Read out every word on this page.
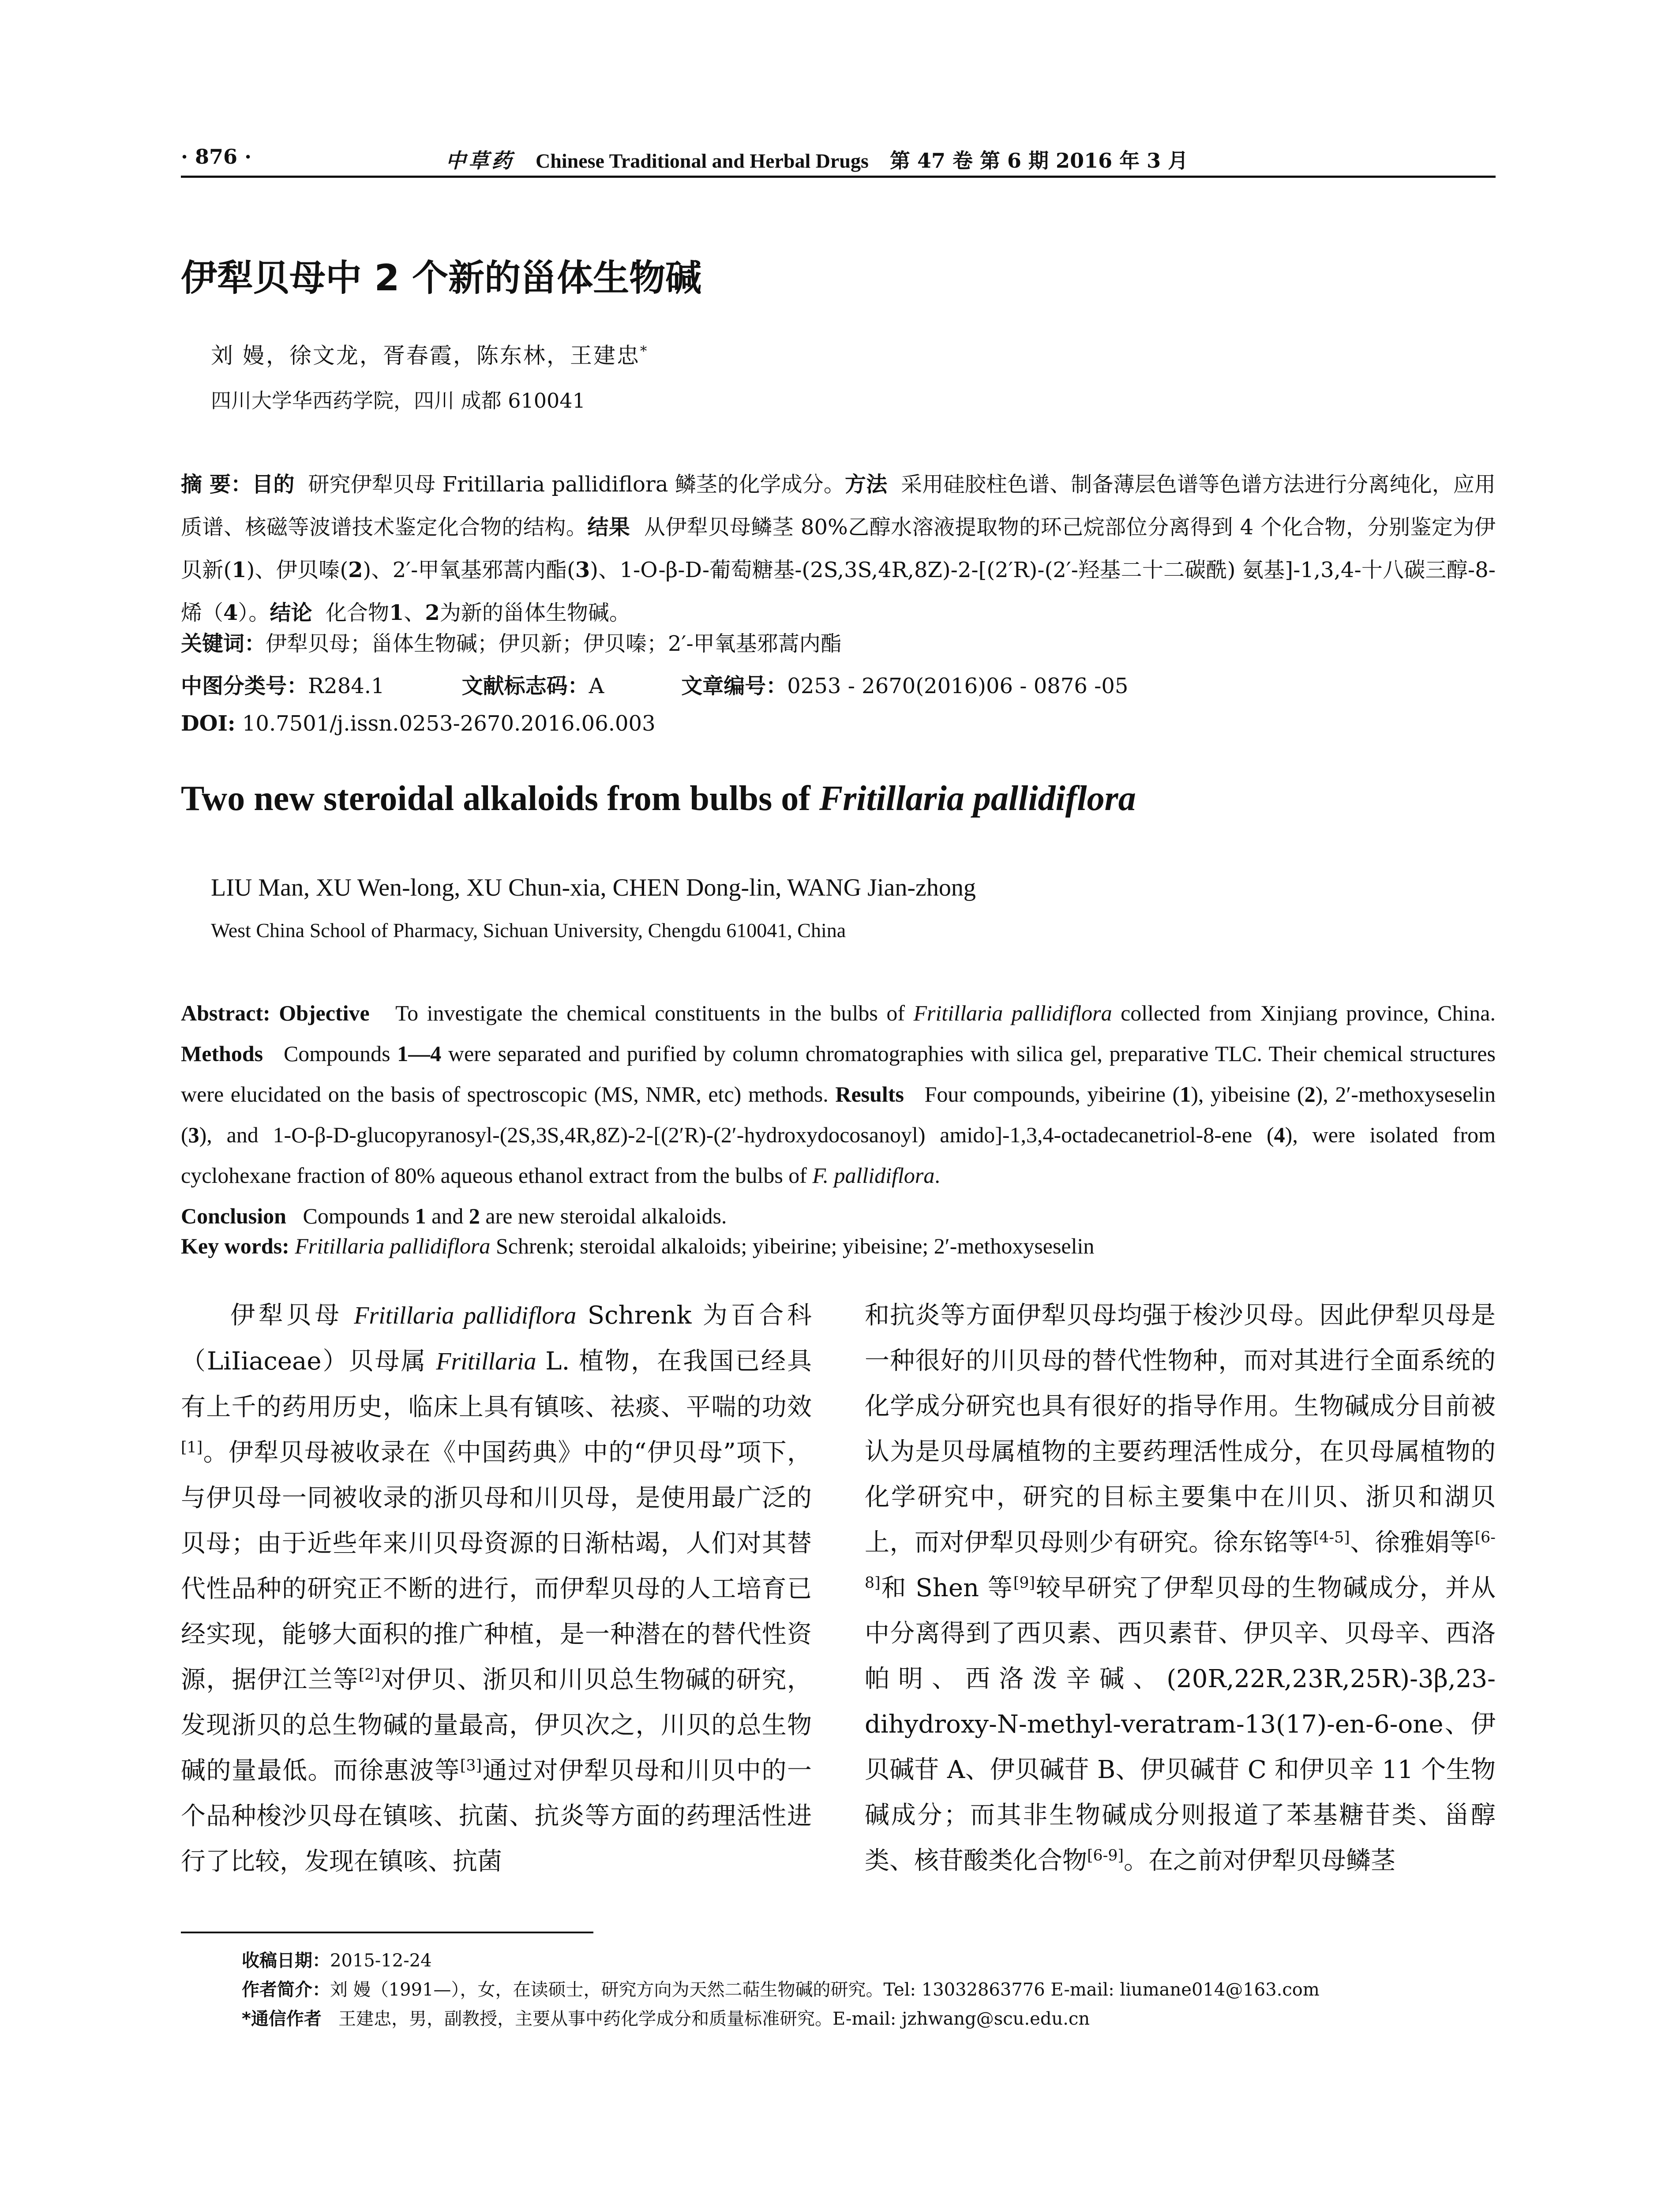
· 876 ·	中草药 Chinese Traditional and Herbal Drugs 第 47 卷 第 6 期 2016 年 3 月
伊犁贝母中 2 个新的甾体生物碱
刘 嫚，徐文龙，胥春霞，陈东林，王建忠*
四川大学华西药学院，四川 成都 610041
摘 要：目的 研究伊犁贝母 Fritillaria pallidiflora 鳞茎的化学成分。方法 采用硅胶柱色谱、制备薄层色谱等色谱方法进行分离纯化，应用质谱、核磁等波谱技术鉴定化合物的结构。结果 从伊犁贝母鳞茎 80%乙醇水溶液提取物的环己烷部位分离得到 4 个化合物，分别鉴定为伊贝新(1)、伊贝嗪(2)、2′-甲氧基邪蒿内酯(3)、1-O-β-D-葡萄糖基-(2S,3S,4R,8Z)-2-[(2′R)-(2′-羟基二十二碳酰) 氨基]-1,3,4-十八碳三醇-8-烯（4）。结论 化合物1、2为新的甾体生物碱。
关键词：伊犁贝母；甾体生物碱；伊贝新；伊贝嗪；2′-甲氧基邪蒿内酯
中图分类号：R284.1	文献标志码：A	文章编号：0253 - 2670(2016)06 - 0876 -05
DOI: 10.7501/j.issn.0253-2670.2016.06.003
Two new steroidal alkaloids from bulbs of Fritillaria pallidiflora
LIU Man, XU Wen-long, XU Chun-xia, CHEN Dong-lin, WANG Jian-zhong
West China School of Pharmacy, Sichuan University, Chengdu 610041, China
Abstract: Objective To investigate the chemical constituents in the bulbs of Fritillaria pallidiflora collected from Xinjiang province, China. Methods Compounds 1—4 were separated and purified by column chromatographies with silica gel, preparative TLC. Their chemical structures were elucidated on the basis of spectroscopic (MS, NMR, etc) methods. Results Four compounds, yibeirine (1), yibeisine (2), 2′-methoxyseselin (3), and 1-O-β-D-glucopyranosyl-(2S,3S,4R,8Z)-2-[(2′R)-(2′-hydroxydocosanoyl) amido]-1,3,4-octadecanetriol-8-ene (4), were isolated from cyclohexane fraction of 80% aqueous ethanol extract from the bulbs of F. pallidiflora.
Conclusion Compounds 1 and 2 are new steroidal alkaloids.
Key words: Fritillaria pallidiflora Schrenk; steroidal alkaloids; yibeirine; yibeisine; 2′-methoxyseselin

伊犁贝母 Fritillaria pallidiflora Schrenk 为百合科（LiIiaceae）贝母属 Fritillaria L. 植物，在我国已经具有上千的药用历史，临床上具有镇咳、祛痰、平喘的功效[1]。伊犁贝母被收录在《中国药典》中的“伊贝母”项下，与伊贝母一同被收录的浙贝母和川贝母，是使用最广泛的贝母；由于近些年来川贝母资源的日渐枯竭，人们对其替代性品种的研究正不断的进行，而伊犁贝母的人工培育已经实现，能够大面积的推广种植，是一种潜在的替代性资源，据伊江兰等[2]对伊贝、浙贝和川贝总生物碱的研究，发现浙贝的总生物碱的量最高，伊贝次之，川贝的总生物碱的量最低。而徐惠波等[3]通过对伊犁贝母和川贝中的一个品种梭沙贝母在镇咳、抗菌、抗炎等方面的药理活性进行了比较，发现在镇咳、抗菌

和抗炎等方面伊犁贝母均强于梭沙贝母。因此伊犁贝母是一种很好的川贝母的替代性物种，而对其进行全面系统的化学成分研究也具有很好的指导作用。生物碱成分目前被认为是贝母属植物的主要药理活性成分，在贝母属植物的化学研究中，研究的目标主要集中在川贝、浙贝和湖贝上，而对伊犁贝母则少有研究。徐东铭等[4-5]、徐雅娟等[6-8]和 Shen 等[9]较早研究了伊犁贝母的生物碱成分，并从中分离得到了西贝素、西贝素苷、伊贝辛、贝母辛、西洛帕明、西洛泼辛碱、(20R,22R,23R,25R)-3β,23-dihydroxy-N-methyl-veratram-13(17)-en-6-one、伊贝碱苷 A、伊贝碱苷 B、伊贝碱苷 C 和伊贝辛 11 个生物碱成分；而其非生物碱成分则报道了苯基糖苷类、甾醇类、核苷酸类化合物[6-9]。在之前对伊犁贝母鳞茎

收稿日期：2015-12-24
作者简介：刘 嫚（1991—），女，在读硕士，研究方向为天然二萜生物碱的研究。Tel: 13032863776 E-mail: liumane014@163.com
*通信作者 王建忠，男，副教授，主要从事中药化学成分和质量标准研究。E-mail: jzhwang@scu.edu.cn
